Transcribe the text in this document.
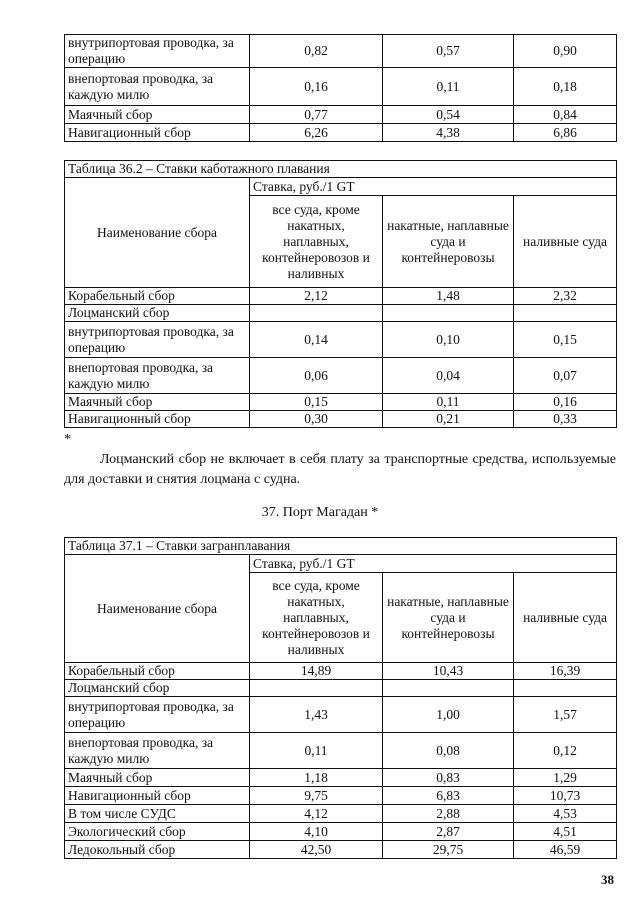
внутрипортовая проводка, за операцию	0,82	0,57	0,90
внепортовая проводка, за каждую милю	0,16	0,11	0,18
Маячный сбор	0,77	0,54	0,84
Навигационный сбор	6,26	4,38	6,86
Таблица 36.2 – Ставки каботажного плавания			
Наименование сбора	Ставка, руб./1 GT		
	все суда, кроме накатных, наплавных, контейнеровозов и наливных	накатные, наплавные суда и контейнеровозы	наливные суда
Корабельный сбор	2,12	1,48	2,32
Лоцманский сбор			
внутрипортовая проводка, за операцию	0,14	0,10	0,15
внепортовая проводка, за каждую милю	0,06	0,04	0,07
Маячный сбор	0,15	0,11	0,16
Навигационный сбор	0,30	0,21	0,33
*
Лоцманский сбор не включает в себя плату за транспортные средства, используемые для доставки и снятия лоцмана с судна.
37. Порт Магадан *
Таблица 37.1 – Ставки загранплавания			
Наименование сбора	Ставка, руб./1 GT		
	все суда, кроме накатных, наплавных, контейнеровозов и наливных	накатные, наплавные суда и контейнеровозы	наливные суда
Корабельный сбор	14,89	10,43	16,39
Лоцманский сбор			
внутрипортовая проводка, за операцию	1,43	1,00	1,57
внепортовая проводка, за каждую милю	0,11	0,08	0,12
Маячный сбор	1,18	0,83	1,29
Навигационный сбор	9,75	6,83	10,73
В том числе СУДС	4,12	2,88	4,53
Экологический сбор	4,10	2,87	4,51
Ледокольный сбор	42,50	29,75	46,59
38
